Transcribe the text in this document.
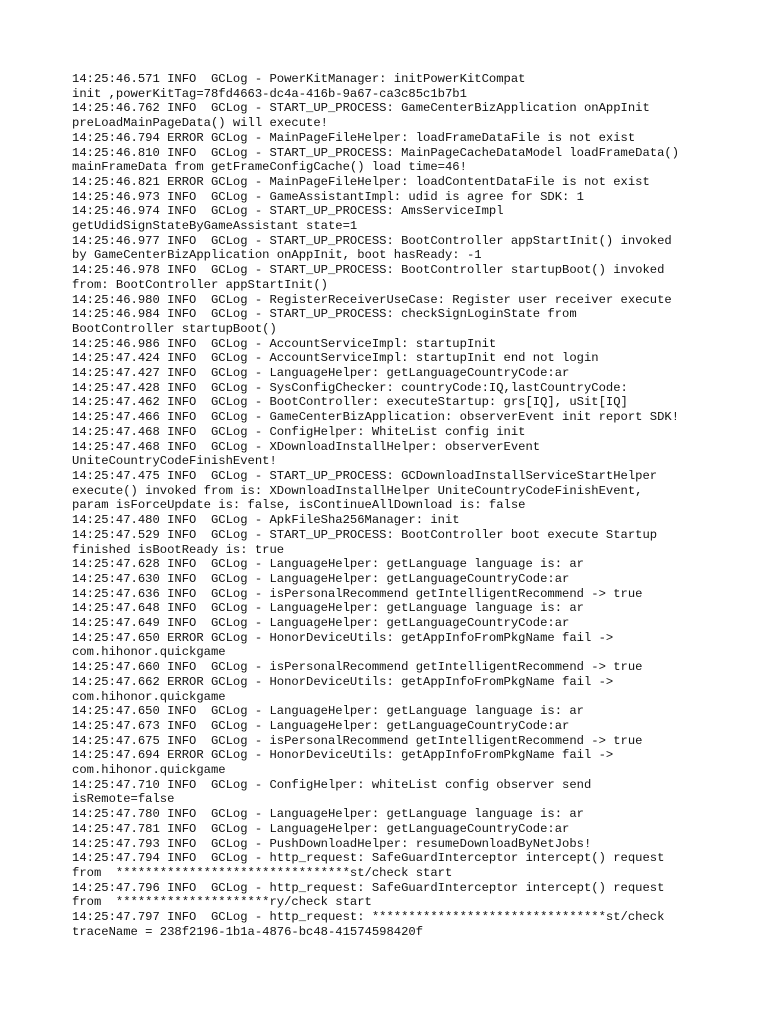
14:25:46.571 INFO  GCLog - PowerKitManager: initPowerKitCompat
init ,powerKitTag=78fd4663-dc4a-416b-9a67-ca3c85c1b7b1
14:25:46.762 INFO  GCLog - START_UP_PROCESS: GameCenterBizApplication onAppInit
preLoadMainPageData() will execute!
14:25:46.794 ERROR GCLog - MainPageFileHelper: loadFrameDataFile is not exist
14:25:46.810 INFO  GCLog - START_UP_PROCESS: MainPageCacheDataModel loadFrameData()
mainFrameData from getFrameConfigCache() load time=46!
14:25:46.821 ERROR GCLog - MainPageFileHelper: loadContentDataFile is not exist
14:25:46.973 INFO  GCLog - GameAssistantImpl: udid is agree for SDK: 1
14:25:46.974 INFO  GCLog - START_UP_PROCESS: AmsServiceImpl
getUdidSignStateByGameAssistant state=1
14:25:46.977 INFO  GCLog - START_UP_PROCESS: BootController appStartInit() invoked
by GameCenterBizApplication onAppInit, boot hasReady: -1
14:25:46.978 INFO  GCLog - START_UP_PROCESS: BootController startupBoot() invoked
from: BootController appStartInit()
14:25:46.980 INFO  GCLog - RegisterReceiverUseCase: Register user receiver execute
14:25:46.984 INFO  GCLog - START_UP_PROCESS: checkSignLoginState from
BootController startupBoot()
14:25:46.986 INFO  GCLog - AccountServiceImpl: startupInit
14:25:47.424 INFO  GCLog - AccountServiceImpl: startupInit end not login
14:25:47.427 INFO  GCLog - LanguageHelper: getLanguageCountryCode:ar
14:25:47.428 INFO  GCLog - SysConfigChecker: countryCode:IQ,lastCountryCode:
14:25:47.462 INFO  GCLog - BootController: executeStartup: grs[IQ], uSit[IQ]
14:25:47.466 INFO  GCLog - GameCenterBizApplication: observerEvent init report SDK!
14:25:47.468 INFO  GCLog - ConfigHelper: WhiteList config init
14:25:47.468 INFO  GCLog - XDownloadInstallHelper: observerEvent
UniteCountryCodeFinishEvent!
14:25:47.475 INFO  GCLog - START_UP_PROCESS: GCDownloadInstallServiceStartHelper
execute() invoked from is: XDownloadInstallHelper UniteCountryCodeFinishEvent,
param isForceUpdate is: false, isContinueAllDownload is: false
14:25:47.480 INFO  GCLog - ApkFileSha256Manager: init
14:25:47.529 INFO  GCLog - START_UP_PROCESS: BootController boot execute Startup
finished isBootReady is: true
14:25:47.628 INFO  GCLog - LanguageHelper: getLanguage language is: ar
14:25:47.630 INFO  GCLog - LanguageHelper: getLanguageCountryCode:ar
14:25:47.636 INFO  GCLog - isPersonalRecommend getIntelligentRecommend -> true
14:25:47.648 INFO  GCLog - LanguageHelper: getLanguage language is: ar
14:25:47.649 INFO  GCLog - LanguageHelper: getLanguageCountryCode:ar
14:25:47.650 ERROR GCLog - HonorDeviceUtils: getAppInfoFromPkgName fail ->
com.hihonor.quickgame
14:25:47.660 INFO  GCLog - isPersonalRecommend getIntelligentRecommend -> true
14:25:47.662 ERROR GCLog - HonorDeviceUtils: getAppInfoFromPkgName fail ->
com.hihonor.quickgame
14:25:47.650 INFO  GCLog - LanguageHelper: getLanguage language is: ar
14:25:47.673 INFO  GCLog - LanguageHelper: getLanguageCountryCode:ar
14:25:47.675 INFO  GCLog - isPersonalRecommend getIntelligentRecommend -> true
14:25:47.694 ERROR GCLog - HonorDeviceUtils: getAppInfoFromPkgName fail ->
com.hihonor.quickgame
14:25:47.710 INFO  GCLog - ConfigHelper: whiteList config observer send
isRemote=false
14:25:47.780 INFO  GCLog - LanguageHelper: getLanguage language is: ar
14:25:47.781 INFO  GCLog - LanguageHelper: getLanguageCountryCode:ar
14:25:47.793 INFO  GCLog - PushDownloadHelper: resumeDownloadByNetJobs!
14:25:47.794 INFO  GCLog - http_request: SafeGuardInterceptor intercept() request
from  ********************************st/check start
14:25:47.796 INFO  GCLog - http_request: SafeGuardInterceptor intercept() request
from  *********************ry/check start
14:25:47.797 INFO  GCLog - http_request: ********************************st/check
traceName = 238f2196-1b1a-4876-bc48-41574598420f
